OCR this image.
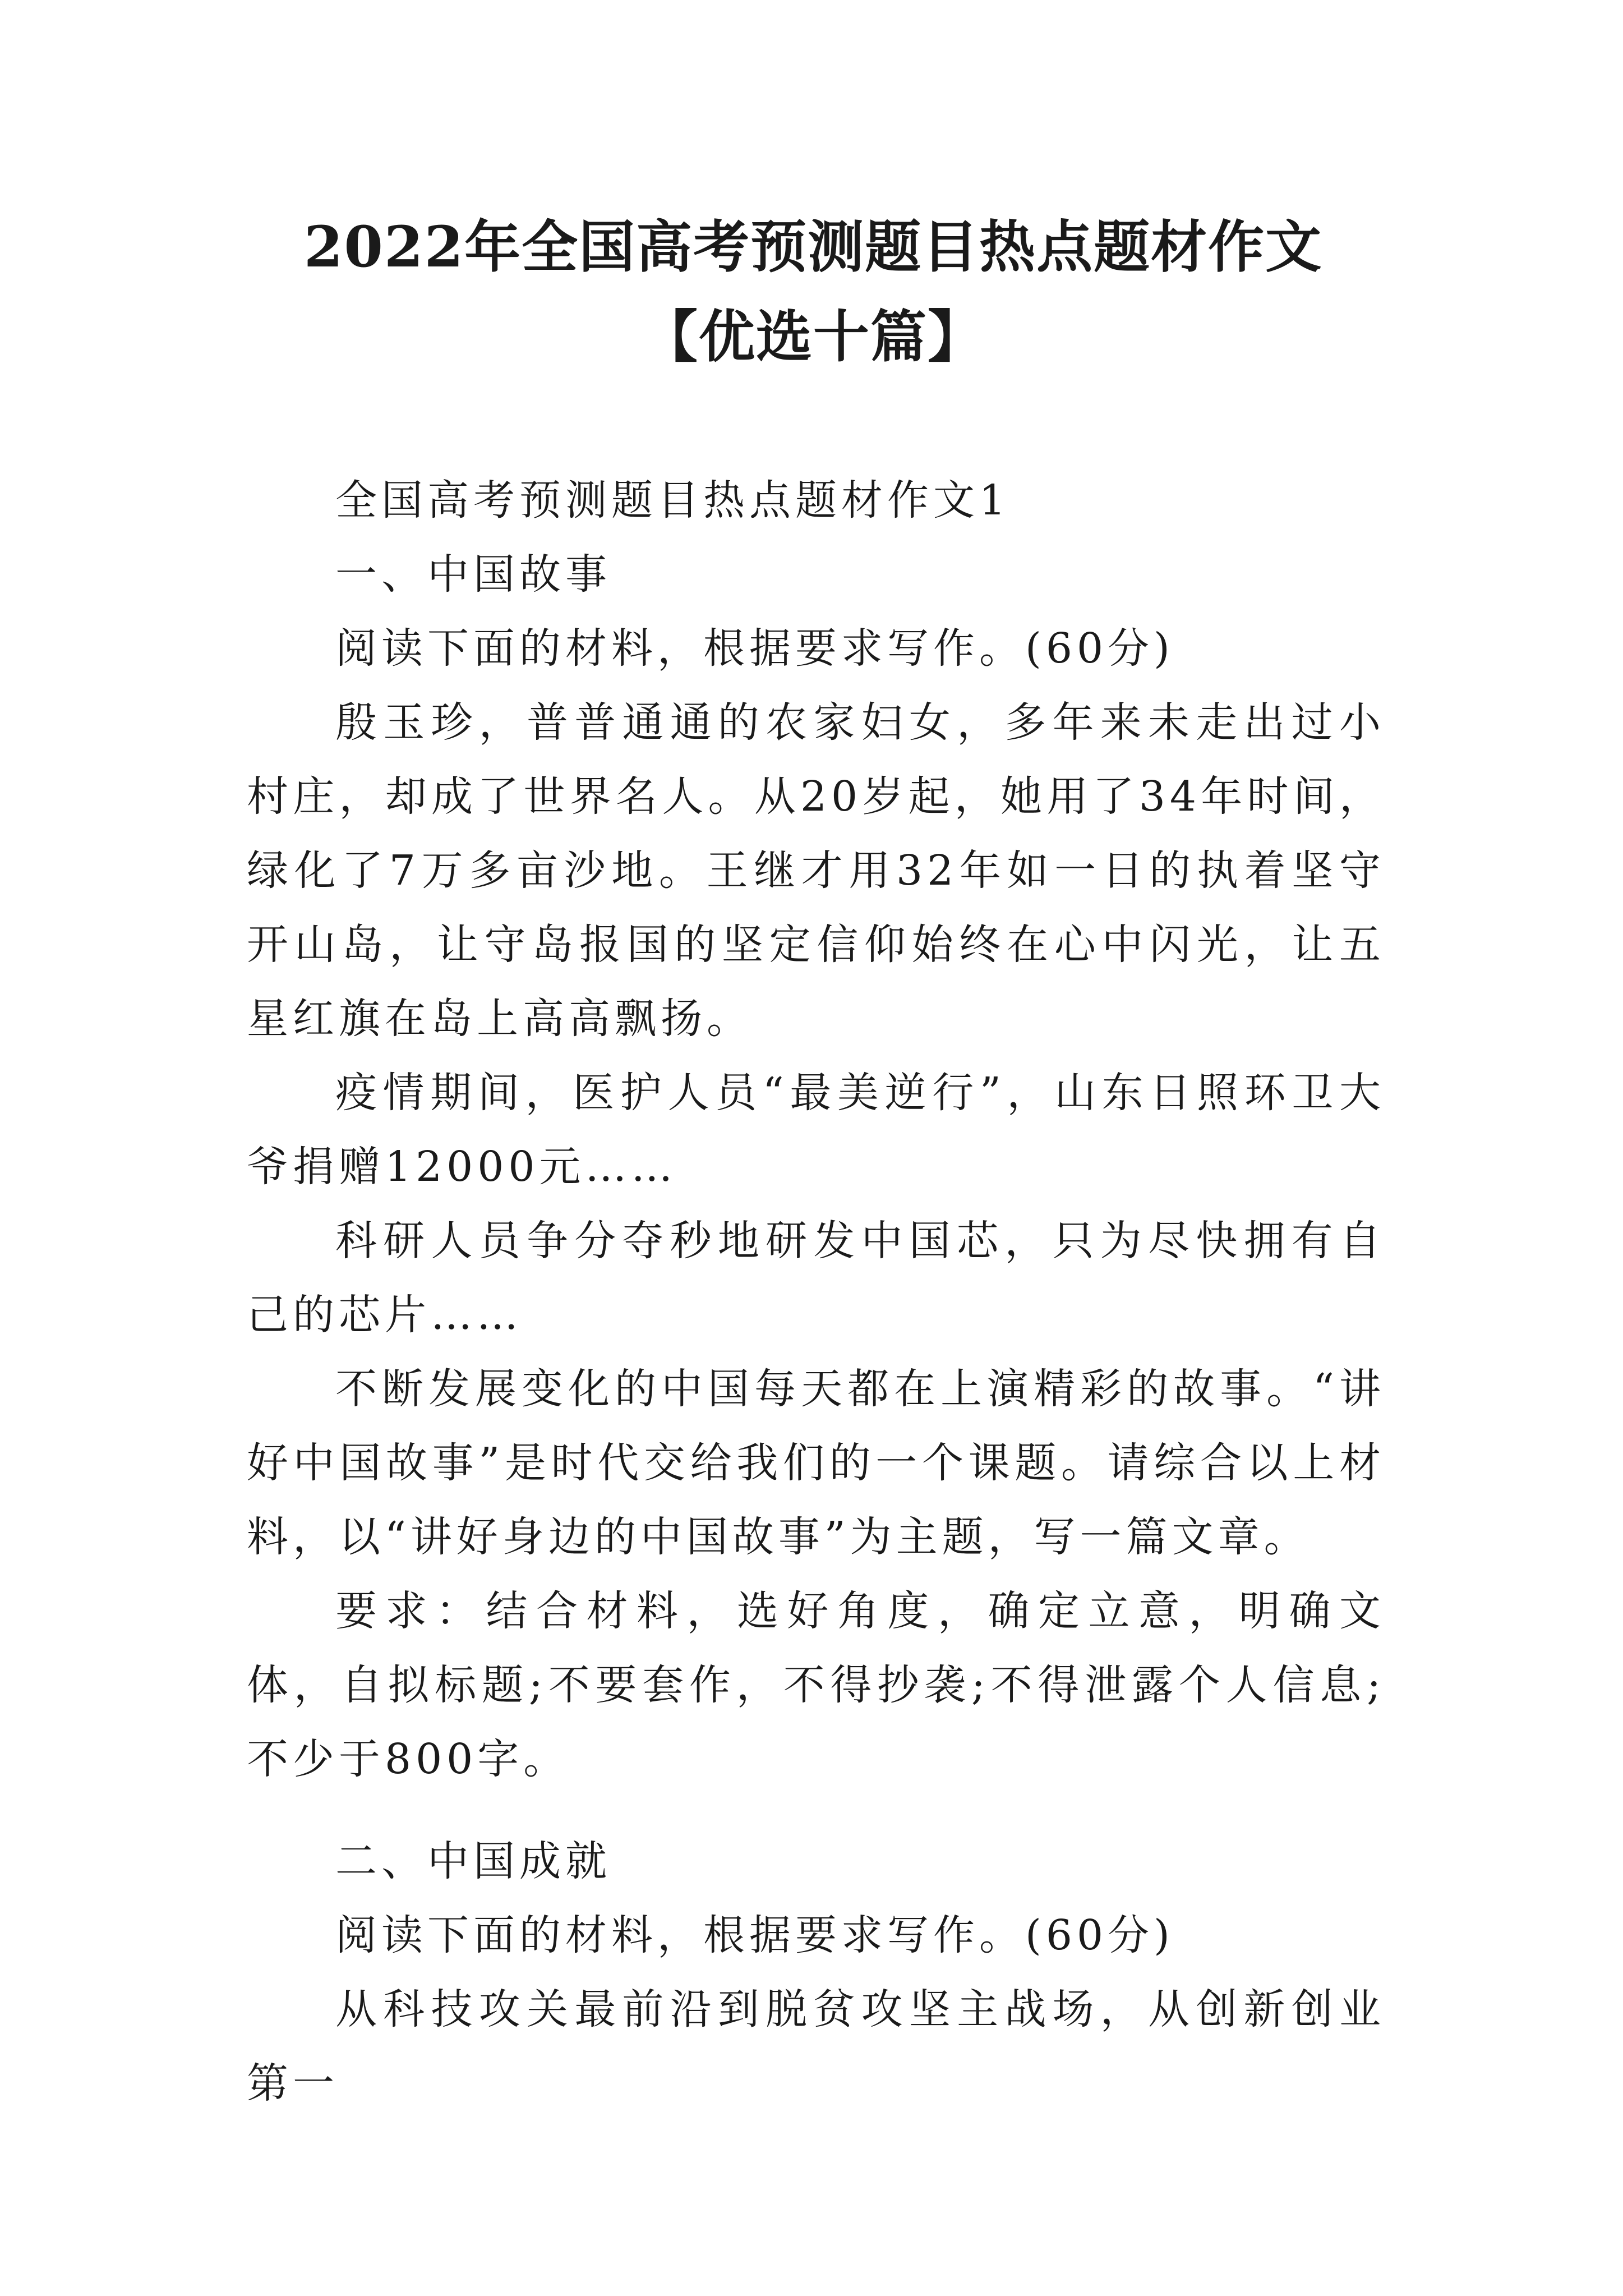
2022年全国高考预测题目热点题材作文【优选十篇】

全国高考预测题目热点题材作文1

一、中国故事

阅读下面的材料，根据要求写作。(60分)

殷玉珍，普普通通的农家妇女，多年来未走出过小村庄，却成了世界名人。从20岁起，她用了34年时间，绿化了7万多亩沙地。王继才用32年如一日的执着坚守开山岛，让守岛报国的坚定信仰始终在心中闪光，让五星红旗在岛上高高飘扬。

疫情期间，医护人员“最美逆行”，山东日照环卫大爷捐赠12000元……

科研人员争分夺秒地研发中国芯，只为尽快拥有自己的芯片……

不断发展变化的中国每天都在上演精彩的故事。“讲好中国故事”是时代交给我们的一个课题。请综合以上材料，以“讲好身边的中国故事”为主题，写一篇文章。

要求：结合材料，选好角度，确定立意，明确文体，自拟标题;不要套作，不得抄袭;不得泄露个人信息;不少于800字。

二、中国成就

阅读下面的材料，根据要求写作。(60分)

从科技攻关最前沿到脱贫攻坚主战场，从创新创业第一
